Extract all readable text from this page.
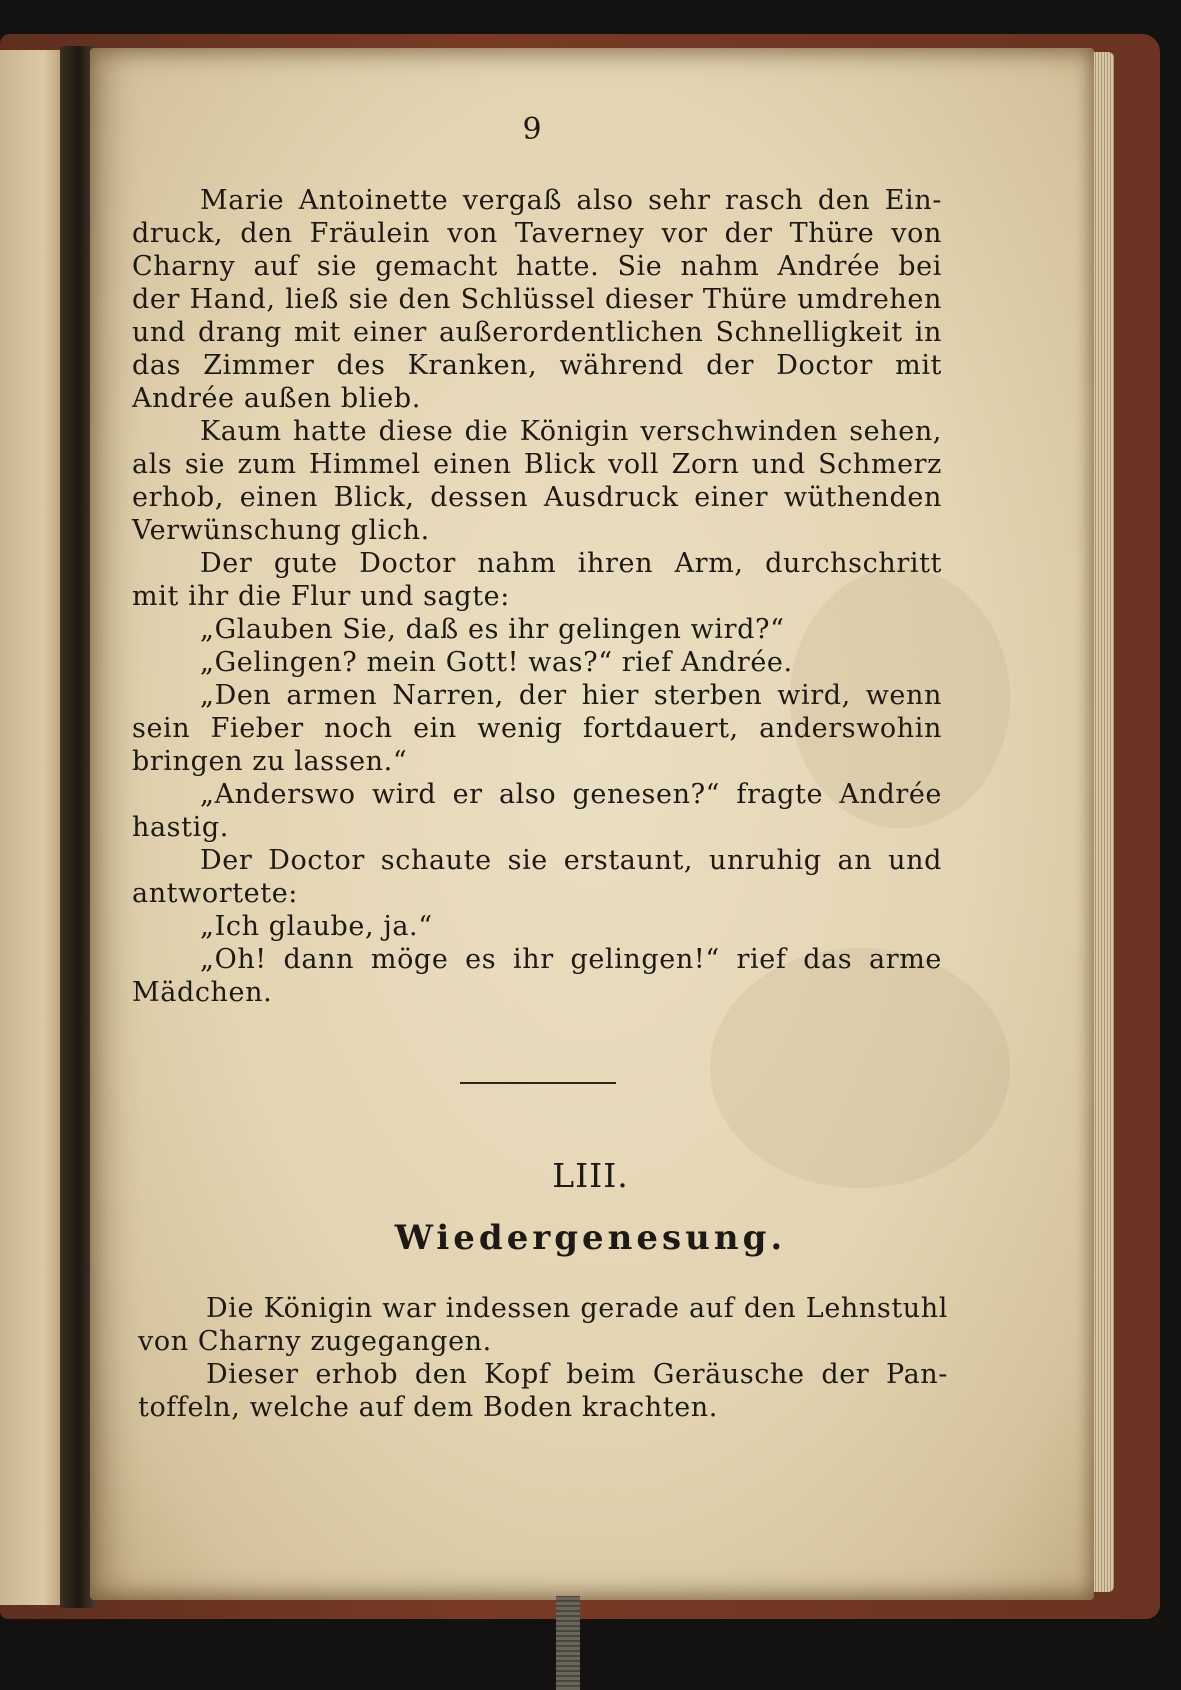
9
Marie Antoinette vergaß also sehr rasch den Ein-
druck, den Fräulein von Taverney vor der Thüre von
Charny auf sie gemacht hatte. Sie nahm Andrée bei
der Hand, ließ sie den Schlüssel dieser Thüre umdrehen
und drang mit einer außerordentlichen Schnelligkeit in
das Zimmer des Kranken, während der Doctor mit
Andrée außen blieb.
Kaum hatte diese die Königin verschwinden sehen,
als sie zum Himmel einen Blick voll Zorn und Schmerz
erhob, einen Blick, dessen Ausdruck einer wüthenden
Verwünschung glich.
Der gute Doctor nahm ihren Arm, durchschritt
mit ihr die Flur und sagte:
„Glauben Sie, daß es ihr gelingen wird?“
„Gelingen? mein Gott! was?“ rief Andrée.
„Den armen Narren, der hier sterben wird, wenn
sein Fieber noch ein wenig fortdauert, anderswohin
bringen zu lassen.“
„Anderswo wird er also genesen?“ fragte Andrée
hastig.
Der Doctor schaute sie erstaunt, unruhig an und
antwortete:
„Ich glaube, ja.“
„Oh! dann möge es ihr gelingen!“ rief das arme
Mädchen.
LIII.
Wiedergenesung.
Die Königin war indessen gerade auf den Lehnstuhl
von Charny zugegangen.
Dieser erhob den Kopf beim Geräusche der Pan-
toffeln, welche auf dem Boden krachten.
